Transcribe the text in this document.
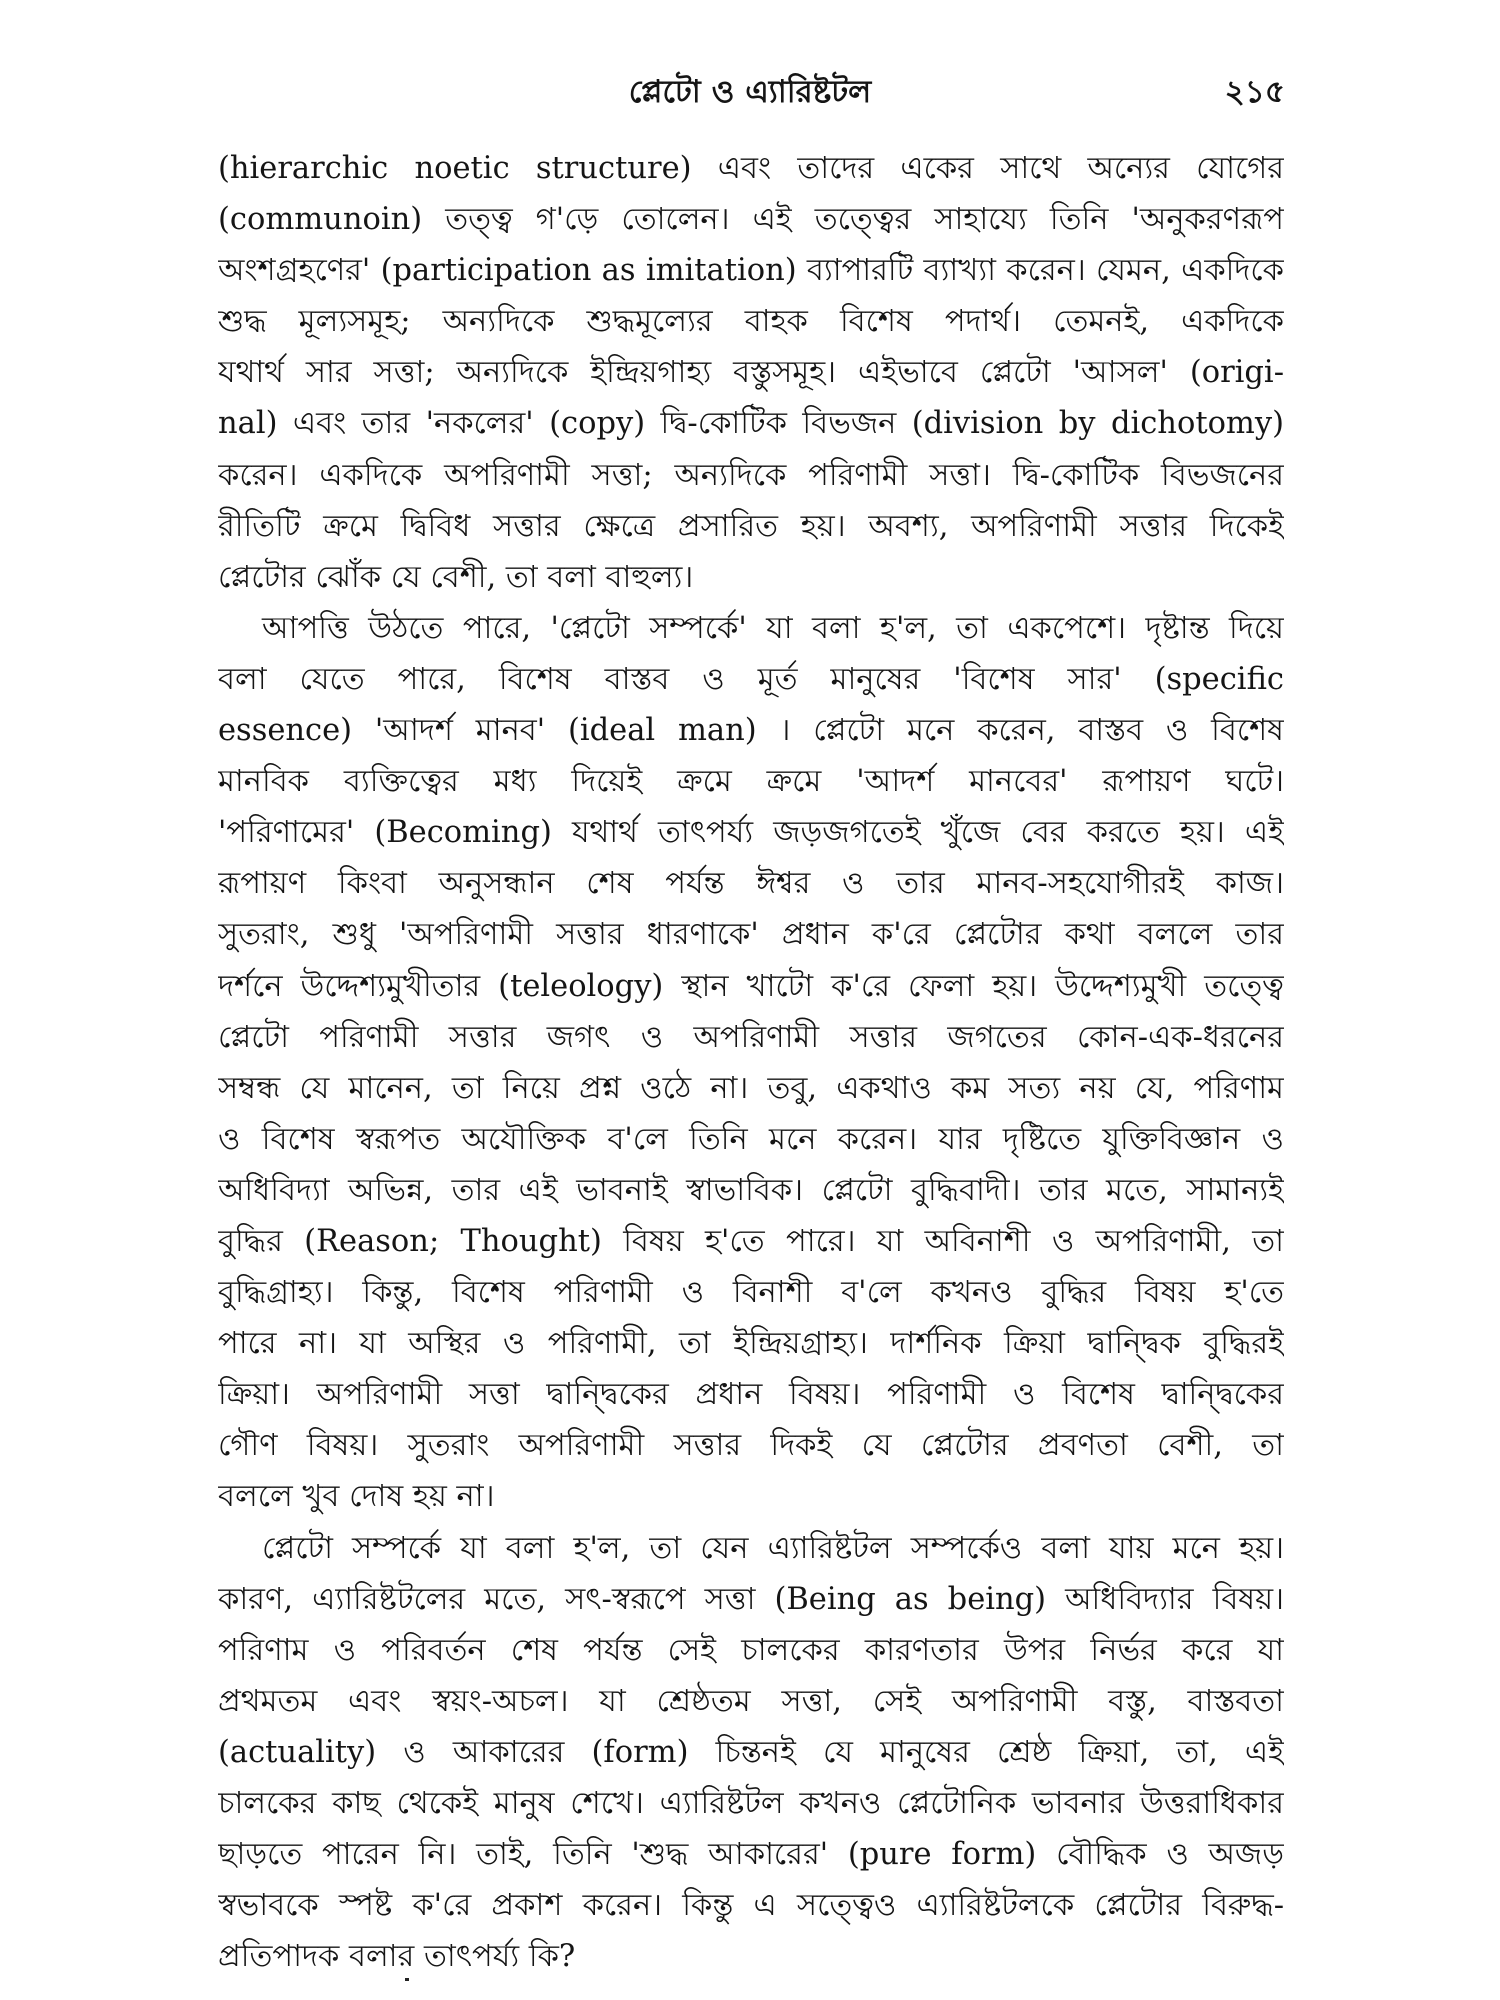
প্লেটো ও এ্যারিষ্টটল	২১৫
(hierarchic noetic structure) এবং তাদের একের সাথে অন্যের যোগের
(communoin) তত্ত্ব গ'ড়ে তোলেন। এই তত্ত্বের সাহায্যে তিনি 'অনুকরণরূপ
অংশগ্রহণের' (participation as imitation) ব্যাপারটি ব্যাখ্যা করেন। যেমন, একদিকে
শুদ্ধ মূল্যসমূহ; অন্যদিকে শুদ্ধমূল্যের বাহক বিশেষ পদার্থ। তেমনই, একদিকে
যথার্থ সার সত্তা; অন্যদিকে ইন্দ্রিয়গাহ্য বস্তুসমূহ। এইভাবে প্লেটো 'আসল' (origi-
nal) এবং তার 'নকলের' (copy) দ্বি-কোটিক বিভজন (division by dichotomy)
করেন। একদিকে অপরিণামী সত্তা; অন্যদিকে পরিণামী সত্তা। দ্বি-কোটিক বিভজনের
রীতিটি ক্রমে দ্বিবিধ সত্তার ক্ষেত্রে প্রসারিত হয়। অবশ্য, অপরিণামী সত্তার দিকেই
প্লেটোর ঝোঁক যে বেশী, তা বলা বাহুল্য।
আপত্তি উঠতে পারে, 'প্লেটো সম্পর্কে' যা বলা হ'ল, তা একপেশে। দৃষ্টান্ত দিয়ে
বলা যেতে পারে, বিশেষ বাস্তব ও মূর্ত মানুষের 'বিশেষ সার' (specific
essence) 'আদর্শ মানব' (ideal man) । প্লেটো মনে করেন, বাস্তব ও বিশেষ
মানবিক ব্যক্তিত্বের মধ্য দিয়েই ক্রমে ক্রমে 'আদর্শ মানবের' রূপায়ণ ঘটে।
'পরিণামের' (Becoming) যথার্থ তাৎপর্য্য জড়জগতেই খুঁজে বের করতে হয়। এই
রূপায়ণ কিংবা অনুসন্ধান শেষ পর্যন্ত ঈশ্বর ও তার মানব-সহযোগীরই কাজ।
সুতরাং, শুধু 'অপরিণামী সত্তার ধারণাকে' প্রধান ক'রে প্লেটোর কথা বললে তার
দর্শনে উদ্দেশ্যমুখীতার (teleology) স্থান খাটো ক'রে ফেলা হয়। উদ্দেশ্যমুখী তত্ত্বে
প্লেটো পরিণামী সত্তার জগৎ ও অপরিণামী সত্তার জগতের কোন-এক-ধরনের
সম্বন্ধ যে মানেন, তা নিয়ে প্রশ্ন ওঠে না। তবু, একথাও কম সত্য নয় যে, পরিণাম
ও বিশেষ স্বরূপত অযৌক্তিক ব'লে তিনি মনে করেন। যার দৃষ্টিতে যুক্তিবিজ্ঞান ও
অধিবিদ্যা অভিন্ন, তার এই ভাবনাই স্বাভাবিক। প্লেটো বুদ্ধিবাদী। তার মতে, সামান্যই
বুদ্ধির (Reason; Thought) বিষয় হ'তে পারে। যা অবিনাশী ও অপরিণামী, তা
বুদ্ধিগ্রাহ্য। কিন্তু, বিশেষ পরিণামী ও বিনাশী ব'লে কখনও বুদ্ধির বিষয় হ'তে
পারে না। যা অস্থির ও পরিণামী, তা ইন্দ্রিয়গ্রাহ্য। দার্শনিক ক্রিয়া দ্বান্দ্বিক বুদ্ধিরই
ক্রিয়া। অপরিণামী সত্তা দ্বান্দ্বিকের প্রধান বিষয়। পরিণামী ও বিশেষ দ্বান্দ্বিকের
গৌণ বিষয়। সুতরাং অপরিণামী সত্তার দিকই যে প্লেটোর প্রবণতা বেশী, তা
বললে খুব দোষ হয় না।
প্লেটো সম্পর্কে যা বলা হ'ল, তা যেন এ্যারিষ্টটল সম্পর্কেও বলা যায় মনে হয়।
কারণ, এ্যারিষ্টটলের মতে, সৎ-স্বরূপে সত্তা (Being as being) অধিবিদ্যার বিষয়।
পরিণাম ও পরিবর্তন শেষ পর্যন্ত সেই চালকের কারণতার উপর নির্ভর করে যা
প্রথমতম এবং স্বয়ং-অচল। যা শ্রেষ্ঠতম সত্তা, সেই অপরিণামী বস্তু, বাস্তবতা
(actuality) ও আকারের (form) চিন্তনই যে মানুষের শ্রেষ্ঠ ক্রিয়া, তা, এই
চালকের কাছ থেকেই মানুষ শেখে। এ্যারিষ্টটল কখনও প্লেটোনিক ভাবনার উত্তরাধিকার
ছাড়তে পারেন নি। তাই, তিনি 'শুদ্ধ আকারের' (pure form) বৌদ্ধিক ও অজড়
স্বভাবকে স্পষ্ট ক'রে প্রকাশ করেন। কিন্তু এ সত্ত্বেও এ্যারিষ্টটলকে প্লেটোর বিরুদ্ধ-
প্রতিপাদক বলার তাৎপর্য্য কি?
